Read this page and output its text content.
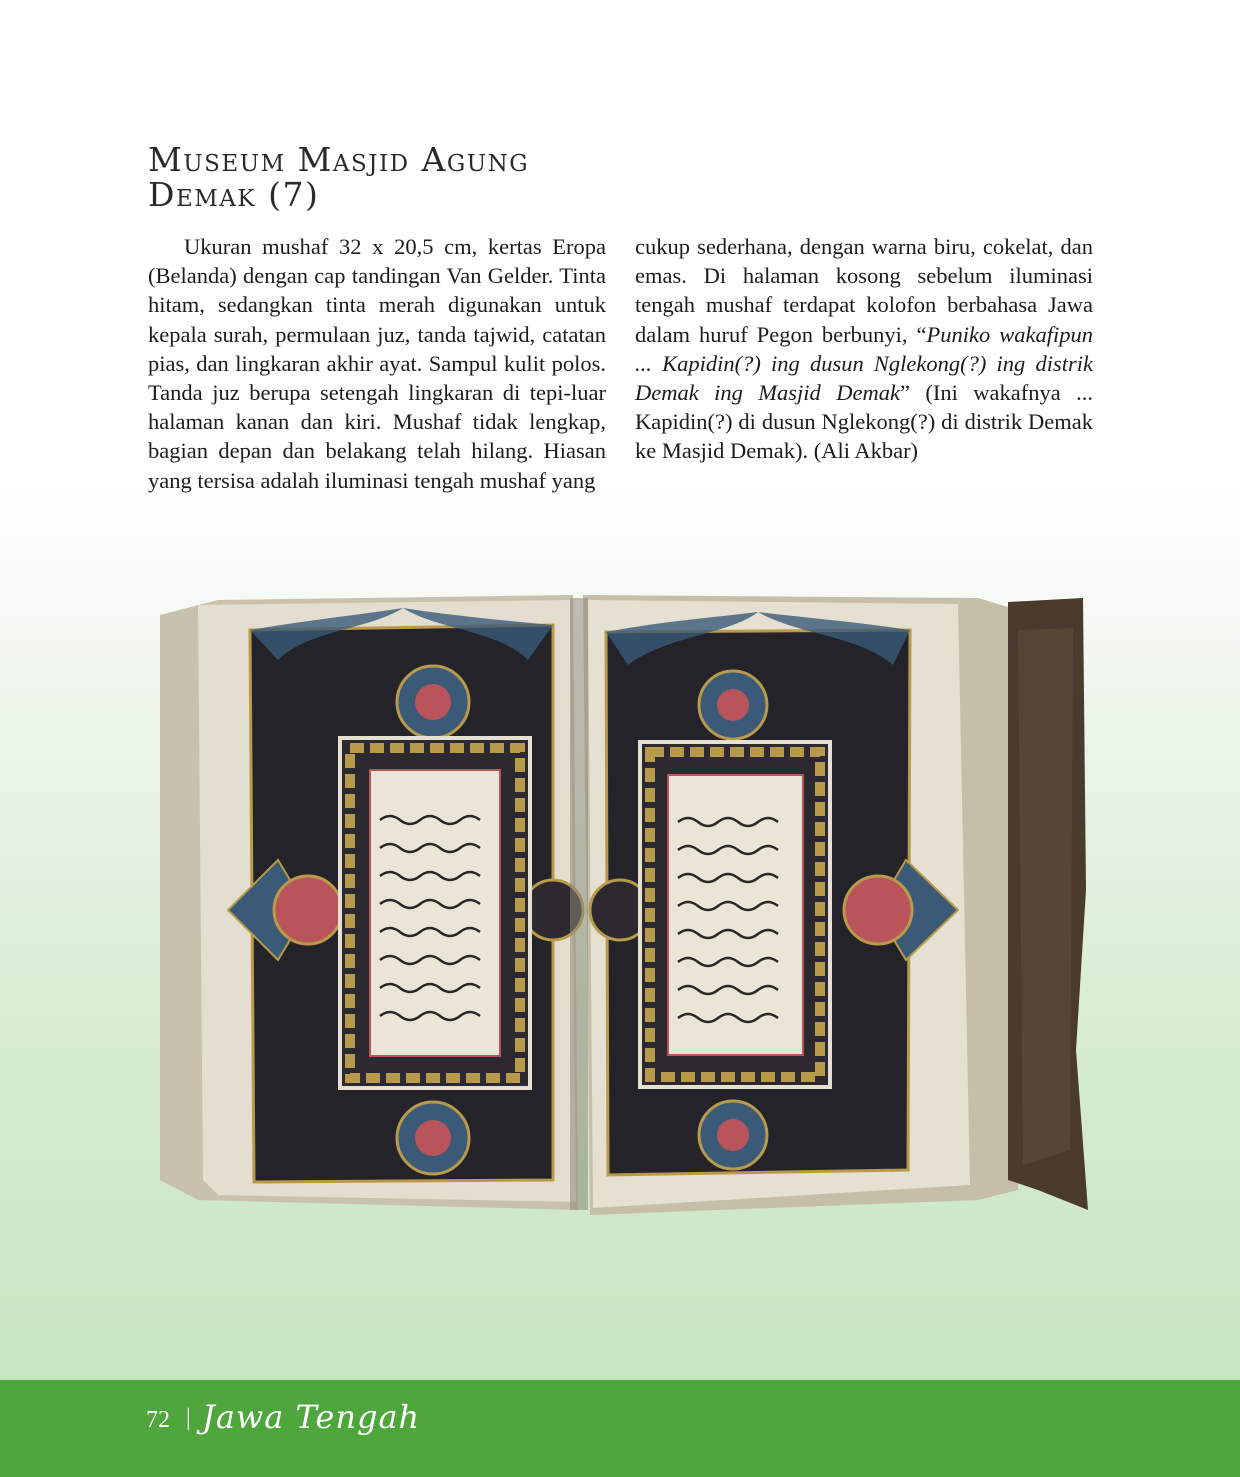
Museum Masjid Agung
Demak (7)

Ukuran mushaf 32 x 20,5 cm, kertas Eropa (Belanda) dengan cap tandingan Van Gelder. Tinta hitam, sedangkan tinta merah digunakan untuk kepala surah, permulaan juz, tanda tajwid, catatan pias, dan lingkaran akhir ayat. Sampul kulit polos. Tanda juz berupa setengah lingkaran di tepi-luar halaman kanan dan kiri. Mushaf tidak lengkap, bagian depan dan belakang telah hilang. Hiasan yang tersisa adalah iluminasi tengah mushaf yang

cukup sederhana, dengan warna biru, cokelat, dan emas. Di halaman kosong sebelum iluminasi tengah mushaf terdapat kolofon berbahasa Jawa dalam huruf Pegon berbunyi, “Puniko wakafipun ... Kapidin(?) ing dusun Nglekong(?) ing distrik Demak ing Masjid Demak” (Ini wakafnya ... Kapidin(?) di dusun Nglekong(?) di distrik Demak ke Masjid Demak). (Ali Akbar)

72 | Jawa Tengah
